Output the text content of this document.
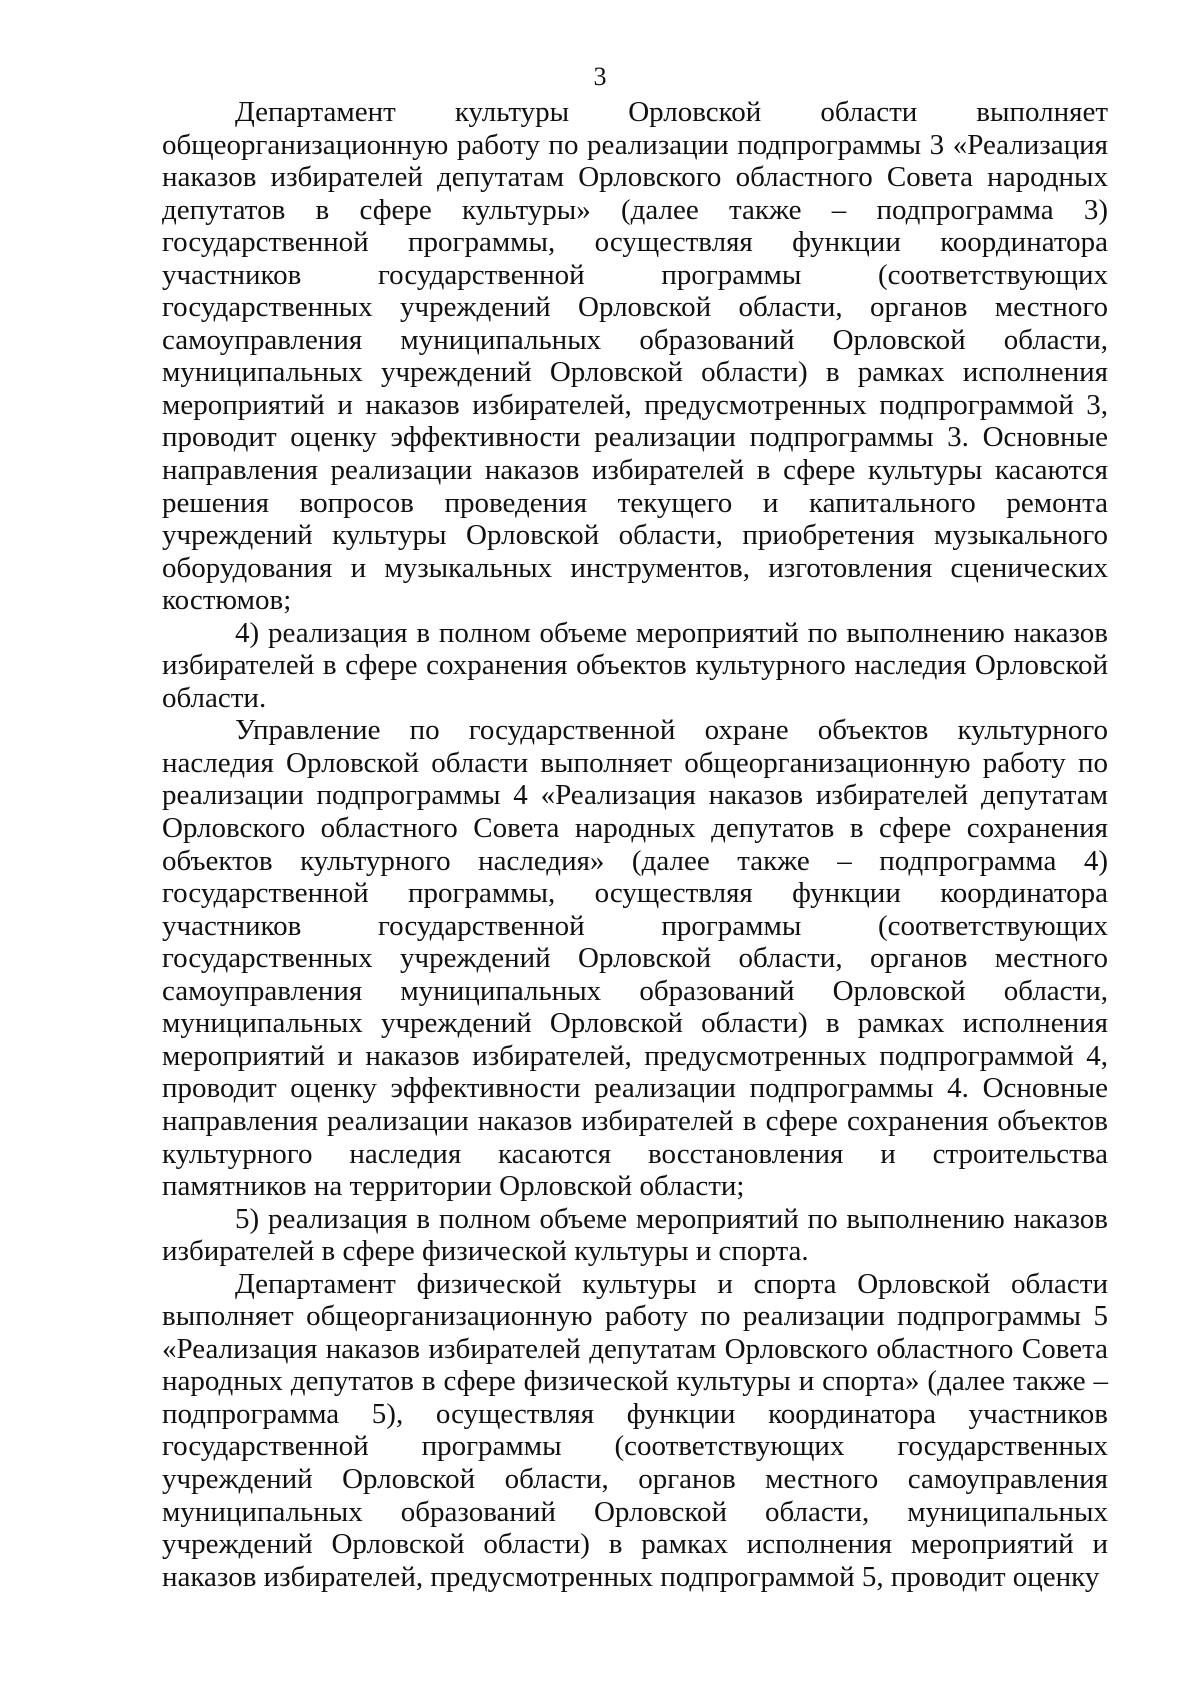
3

Департамент культуры Орловской области выполняет общеорганизационную работу по реализации подпрограммы 3 «Реализация наказов избирателей депутатам Орловского областного Совета народных депутатов в сфере культуры» (далее также – подпрограмма 3) государственной программы, осуществляя функции координатора участников государственной программы (соответствующих государственных учреждений Орловской области, органов местного самоуправления муниципальных образований Орловской области, муниципальных учреждений Орловской области) в рамках исполнения мероприятий и наказов избирателей, предусмотренных подпрограммой 3, проводит оценку эффективности реализации подпрограммы 3. Основные направления реализации наказов избирателей в сфере культуры касаются решения вопросов проведения текущего и капитального ремонта учреждений культуры Орловской области, приобретения музыкального оборудования и музыкальных инструментов, изготовления сценических костюмов;

4) реализация в полном объеме мероприятий по выполнению наказов избирателей в сфере сохранения объектов культурного наследия Орловской области.

Управление по государственной охране объектов культурного наследия Орловской области выполняет общеорганизационную работу по реализации подпрограммы 4 «Реализация наказов избирателей депутатам Орловского областного Совета народных депутатов в сфере сохранения объектов культурного наследия» (далее также – подпрограмма 4) государственной программы, осуществляя функции координатора участников государственной программы (соответствующих государственных учреждений Орловской области, органов местного самоуправления муниципальных образований Орловской области, муниципальных учреждений Орловской области) в рамках исполнения мероприятий и наказов избирателей, предусмотренных подпрограммой 4, проводит оценку эффективности реализации подпрограммы 4. Основные направления реализации наказов избирателей в сфере сохранения объектов культурного наследия касаются восстановления и строительства памятников на территории Орловской области;

5) реализация в полном объеме мероприятий по выполнению наказов избирателей в сфере физической культуры и спорта.

Департамент физической культуры и спорта Орловской области выполняет общеорганизационную работу по реализации подпрограммы 5 «Реализация наказов избирателей депутатам Орловского областного Совета народных депутатов в сфере физической культуры и спорта» (далее также – подпрограмма 5), осуществляя функции координатора участников государственной программы (соответствующих государственных учреждений Орловской области, органов местного самоуправления муниципальных образований Орловской области, муниципальных учреждений Орловской области) в рамках исполнения мероприятий и наказов избирателей, предусмотренных подпрограммой 5, проводит оценку
